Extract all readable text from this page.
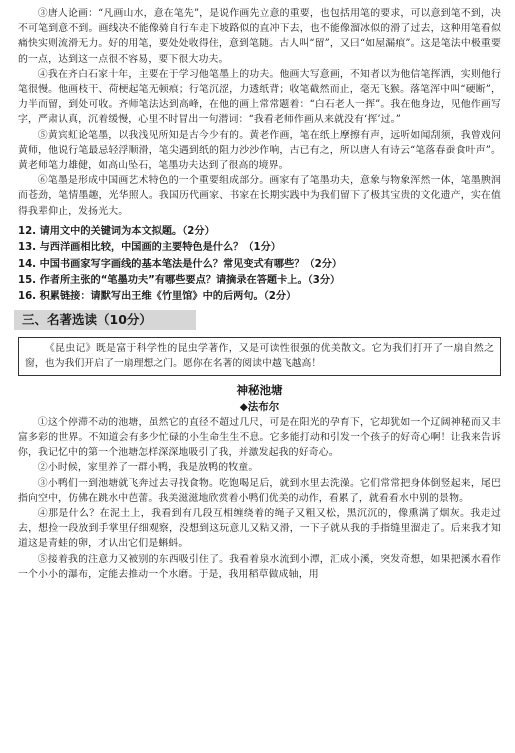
③唐人论画：“凡画山水，意在笔先”，是说作画先立意的重要，也包括用笔的要求，可以意到笔不到，决不可笔到意不到。画线决不能像骑自行车走下坡路似的直冲下去，也不能像溜冰似的滑了过去，这种用笔看似痛快实则流滑无力。好的用笔，要处处收得住，意到笔随。古人叫“留”，又曰“如屋漏痕”。这是笔法中极重要的一点，达到这一点很不容易，要下很大功夫。

④我在齐白石家十年，主要在于学习他笔墨上的功夫。他画大写意画，不知者以为他信笔挥洒，实则他行笔很慢。他画枝干、荷梗起笔无顿痕；行笔沉涩，力透纸背；收笔截然而止，毫无飞猴。落笔浑中叫“硬断”，力半而留，到处可收。齐师笔法达到高峰，在他的画上常常题着：“白石老人一挥”。我在他身边，见他作画写字，严肃认真，沉着缓慢，心里不时冒出一句潜词：“我看老师作画从来就没有‘挥’过。”

⑤黄宾虹论笔墨，以我浅见所知是古今少有的。黄老作画，笔在纸上摩擦有声，远听如闻刮须，我曾戏问黄师，他说行笔最忌轻浮顺滑，笔尖遇到纸的阻力沙沙作响，古已有之，所以唐人有诗云“笔落春蚕食叶声”。黄老师笔力雄健，如高山坠石，笔墨功夫达到了很高的境界。

⑥笔墨是形成中国画艺术特色的一个重要组成部分。画家有了笔墨功夫，意象与物象浑然一体，笔墨腴润而苍劲，笔情墨趣，光华照人。我国历代画家、书家在长期实践中为我们留下了极其宝贵的文化遗产，实在值得我辈仰止，发扬光大。

12. 请用文中的关键词为本文拟题。（2分）
13. 与西洋画相比较，中国画的主要特色是什么？（1分）
14. 中国书画家写字画线的基本笔法是什么？常见变式有哪些？（2分）
15. 作者所主张的“笔墨功夫”有哪些要点？请摘录在答题卡上。（3分）
16. 积累链接：请默写出王维《竹里馆》中的后两句。（2分）
三、名著选读（10分）
《昆虫记》既是富于科学性的昆虫学著作，又是可读性很强的优美散文。它为我们打开了一扇自然之窗，也为我们开启了一扇理想之门。愿你在名著的阅读中越飞越高！
神秘池塘
◆法布尔

①这个停滞不动的池塘，虽然它的直径不超过几尺，可是在阳光的孕育下，它却犹如一个辽阔神秘而又丰富多彩的世界。不知道会有多少忙碌的小生命生生不息。它多能打动和引发一个孩子的好奇心啊！让我来告诉你，我记忆中的第一个池塘怎样深深地吸引了我，并激发起我的好奇心。

②小时候，家里养了一群小鸭，我是放鸭的牧童。

③小鸭们一到池塘就飞奔过去寻找食物。吃饱喝足后，就到水里去洗澡。它们常常把身体倒竖起来，尾巴指向空中，仿佛在跳水中芭蕾。我美滋滋地欣赏着小鸭们优美的动作，看累了，就看看水中别的景物。

④那是什么？在泥土上，我看到有几段互相缠绕着的绳子又粗又松，黑沉沉的，像熏满了烟灰。我走过去，想捡一段放到手掌里仔细观察，没想到这玩意儿又粘又滑，一下子就从我的手指缝里溜走了。后来我才知道这是青蛙的卵，才认出它们是蝌蚪。

⑤接着我的注意力又被别的东西吸引住了。我看着泉水流到小潭，汇成小溪，突发奇想，如果把溪水看作一个小小的瀑布，定能去推动一个水磨。于是，我用稻草做成轴，用
